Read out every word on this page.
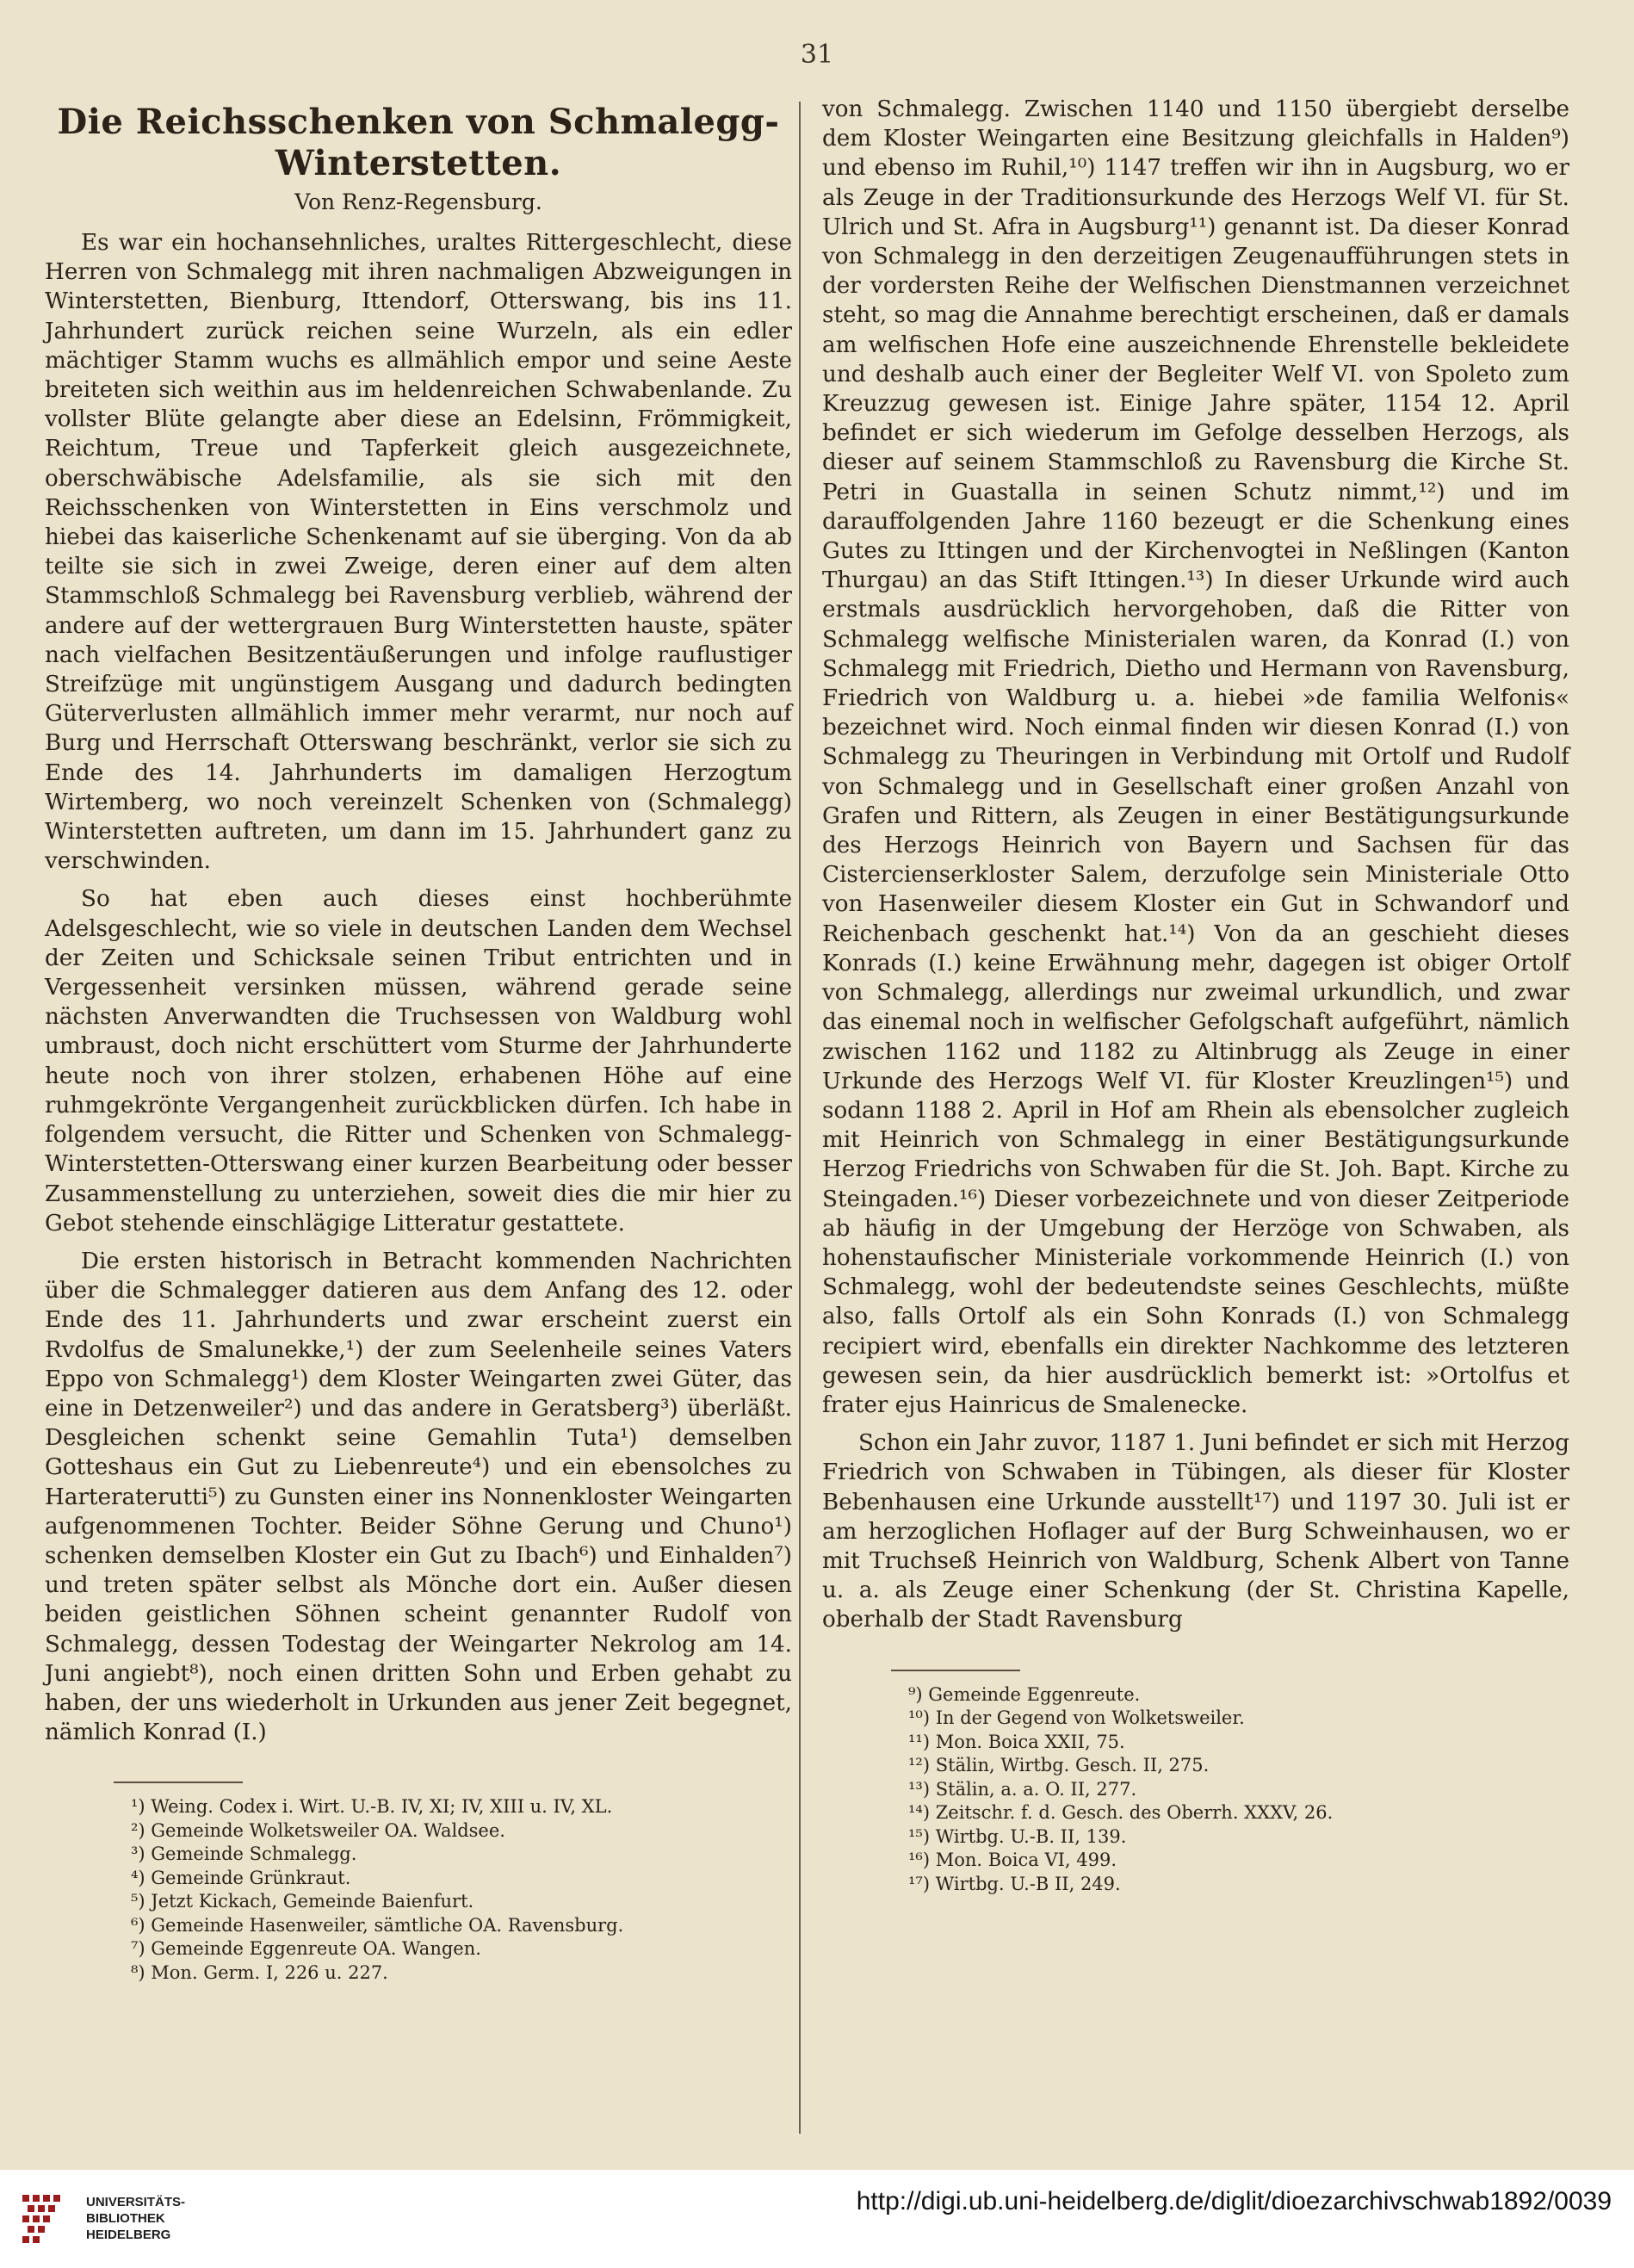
31
Die Reichsschenken von Schmalegg-Winterstetten.
Von Renz-Regensburg.

Es war ein hochansehnliches, uraltes Rittergeschlecht, diese Herren von Schmalegg mit ihren nachmaligen Abzweigungen in Winterstetten, Bienburg, Ittendorf, Otterswang, bis ins 11. Jahrhundert zurück reichen seine Wurzeln, als ein edler mächtiger Stamm wuchs es allmählich empor und seine Aeste breiteten sich weithin aus im heldenreichen Schwabenlande. Zu vollster Blüte gelangte aber diese an Edelsinn, Frömmigkeit, Reichtum, Treue und Tapferkeit gleich ausgezeichnete, oberschwäbische Adelsfamilie, als sie sich mit den Reichsschenken von Winterstetten in Eins verschmolz und hiebei das kaiserliche Schenkenamt auf sie überging. Von da ab teilte sie sich in zwei Zweige, deren einer auf dem alten Stammschloß Schmalegg bei Ravensburg verblieb, während der andere auf der wettergrauen Burg Winterstetten hauste, später nach vielfachen Besitzentäußerungen und infolge rauflustiger Streifzüge mit ungünstigem Ausgang und dadurch bedingten Güterverlusten allmählich immer mehr verarmt, nur noch auf Burg und Herrschaft Otterswang beschränkt, verlor sie sich zu Ende des 14. Jahrhunderts im damaligen Herzogtum Wirtemberg, wo noch vereinzelt Schenken von (Schmalegg) Winterstetten auftreten, um dann im 15. Jahrhundert ganz zu verschwinden.

So hat eben auch dieses einst hochberühmte Adelsgeschlecht, wie so viele in deutschen Landen dem Wechsel der Zeiten und Schicksale seinen Tribut entrichten und in Vergessenheit versinken müssen, während gerade seine nächsten Anverwandten die Truchsessen von Waldburg wohl umbraust, doch nicht erschüttert vom Sturme der Jahrhunderte heute noch von ihrer stolzen, erhabenen Höhe auf eine ruhmgekrönte Vergangenheit zurückblicken dürfen. Ich habe in folgendem versucht, die Ritter und Schenken von Schmalegg-Winterstetten-Otterswang einer kurzen Bearbeitung oder besser Zusammenstellung zu unterziehen, soweit dies die mir hier zu Gebot stehende einschlägige Litteratur gestattete.

Die ersten historisch in Betracht kommenden Nachrichten über die Schmalegger datieren aus dem Anfang des 12. oder Ende des 11. Jahrhunderts und zwar erscheint zuerst ein Rvdolfus de Smalunekke,¹) der zum Seelenheile seines Vaters Eppo von Schmalegg¹) dem Kloster Weingarten zwei Güter, das eine in Detzenweiler²) und das andere in Geratsberg³) überläßt. Desgleichen schenkt seine Gemahlin Tuta¹) demselben Gotteshaus ein Gut zu Liebenreute⁴) und ein ebensolches zu Harteraterutti⁵) zu Gunsten einer ins Nonnenkloster Weingarten aufgenommenen Tochter. Beider Söhne Gerung und Chuno¹) schenken demselben Kloster ein Gut zu Ibach⁶) und Einhalden⁷) und treten später selbst als Mönche dort ein. Außer diesen beiden geistlichen Söhnen scheint genannter Rudolf von Schmalegg, dessen Todestag der Weingarter Nekrolog am 14. Juni angiebt⁸), noch einen dritten Sohn und Erben gehabt zu haben, der uns wiederholt in Urkunden aus jener Zeit begegnet, nämlich Konrad (I.)

¹) Weing. Codex i. Wirt. U.-B. IV, XI; IV, XIII u. IV, XL.
²) Gemeinde Wolketsweiler OA. Waldsee.
³) Gemeinde Schmalegg.
⁴) Gemeinde Grünkraut.
⁵) Jetzt Kickach, Gemeinde Baienfurt.
⁶) Gemeinde Hasenweiler, sämtliche OA. Ravensburg.
⁷) Gemeinde Eggenreute OA. Wangen.
⁸) Mon. Germ. I, 226 u. 227.

von Schmalegg. Zwischen 1140 und 1150 übergiebt derselbe dem Kloster Weingarten eine Besitzung gleichfalls in Halden⁹) und ebenso im Ruhil,¹⁰) 1147 treffen wir ihn in Augsburg, wo er als Zeuge in der Traditionsurkunde des Herzogs Welf VI. für St. Ulrich und St. Afra in Augsburg¹¹) genannt ist. Da dieser Konrad von Schmalegg in den derzeitigen Zeugenaufführungen stets in der vordersten Reihe der Welfischen Dienstmannen verzeichnet steht, so mag die Annahme berechtigt erscheinen, daß er damals am welfischen Hofe eine auszeichnende Ehrenstelle bekleidete und deshalb auch einer der Begleiter Welf VI. von Spoleto zum Kreuzzug gewesen ist. Einige Jahre später, 1154 12. April befindet er sich wiederum im Gefolge desselben Herzogs, als dieser auf seinem Stammschloß zu Ravensburg die Kirche St. Petri in Guastalla in seinen Schutz nimmt,¹²) und im darauffolgenden Jahre 1160 bezeugt er die Schenkung eines Gutes zu Ittingen und der Kirchenvogtei in Neßlingen (Kanton Thurgau) an das Stift Ittingen.¹³) In dieser Urkunde wird auch erstmals ausdrücklich hervorgehoben, daß die Ritter von Schmalegg welfische Ministerialen waren, da Konrad (I.) von Schmalegg mit Friedrich, Dietho und Hermann von Ravensburg, Friedrich von Waldburg u. a. hiebei »de familia Welfonis« bezeichnet wird. Noch einmal finden wir diesen Konrad (I.) von Schmalegg zu Theuringen in Verbindung mit Ortolf und Rudolf von Schmalegg und in Gesellschaft einer großen Anzahl von Grafen und Rittern, als Zeugen in einer Bestätigungsurkunde des Herzogs Heinrich von Bayern und Sachsen für das Cistercienserkloster Salem, derzufolge sein Ministeriale Otto von Hasenweiler diesem Kloster ein Gut in Schwandorf und Reichenbach geschenkt hat.¹⁴) Von da an geschieht dieses Konrads (I.) keine Erwähnung mehr, dagegen ist obiger Ortolf von Schmalegg, allerdings nur zweimal urkundlich, und zwar das einemal noch in welfischer Gefolgschaft aufgeführt, nämlich zwischen 1162 und 1182 zu Altinbrugg als Zeuge in einer Urkunde des Herzogs Welf VI. für Kloster Kreuzlingen¹⁵) und sodann 1188 2. April in Hof am Rhein als ebensolcher zugleich mit Heinrich von Schmalegg in einer Bestätigungsurkunde Herzog Friedrichs von Schwaben für die St. Joh. Bapt. Kirche zu Steingaden.¹⁶) Dieser vorbezeichnete und von dieser Zeitperiode ab häufig in der Umgebung der Herzöge von Schwaben, als hohenstaufischer Ministeriale vorkommende Heinrich (I.) von Schmalegg, wohl der bedeutendste seines Geschlechts, müßte also, falls Ortolf als ein Sohn Konrads (I.) von Schmalegg recipiert wird, ebenfalls ein direkter Nachkomme des letzteren gewesen sein, da hier ausdrücklich bemerkt ist: »Ortolfus et frater ejus Hainricus de Smalenecke.

Schon ein Jahr zuvor, 1187 1. Juni befindet er sich mit Herzog Friedrich von Schwaben in Tübingen, als dieser für Kloster Bebenhausen eine Urkunde ausstellt¹⁷) und 1197 30. Juli ist er am herzoglichen Hoflager auf der Burg Schweinhausen, wo er mit Truchseß Heinrich von Waldburg, Schenk Albert von Tanne u. a. als Zeuge einer Schenkung (der St. Christina Kapelle, oberhalb der Stadt Ravensburg

⁹) Gemeinde Eggenreute.
¹⁰) In der Gegend von Wolketsweiler.
¹¹) Mon. Boica XXII, 75.
¹²) Stälin, Wirtbg. Gesch. II, 275.
¹³) Stälin, a. a. O. II, 277.
¹⁴) Zeitschr. f. d. Gesch. des Oberrh. XXXV, 26.
¹⁵) Wirtbg. U.-B. II, 139.
¹⁶) Mon. Boica VI, 499.
¹⁷) Wirtbg. U.-B II, 249.
UNIVERSITÄTS-
BIBLIOTHEK
HEIDELBERG
http://digi.ub.uni-heidelberg.de/diglit/dioezarchivschwab1892/0039
